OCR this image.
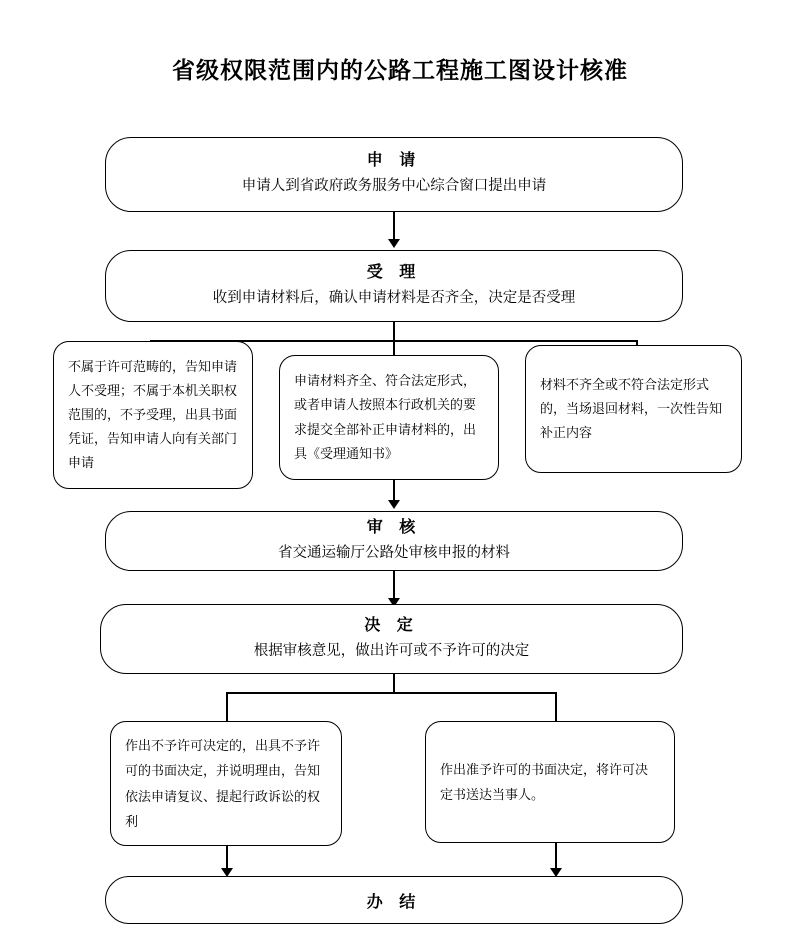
省级权限范围内的公路工程施工图设计核准
申 请
申请人到省政府政务服务中心综合窗口提出申请
受 理
收到申请材料后，确认申请材料是否齐全，决定是否受理
不属于许可范畴的，告知申请人不受理；不属于本机关职权范围的，不予受理，出具书面凭证，告知申请人向有关部门申请
申请材料齐全、符合法定形式，或者申请人按照本行政机关的要求提交全部补正申请材料的，出具《受理通知书》
材料不齐全或不符合法定形式的，当场退回材料，一次性告知补正内容
审 核
省交通运输厅公路处审核申报的材料
决 定
根据审核意见，做出许可或不予许可的决定
作出不予许可决定的，出具不予许可的书面决定，并说明理由，告知依法申请复议、提起行政诉讼的权利
作出准予许可的书面决定，将许可决定书送达当事人。
办 结
